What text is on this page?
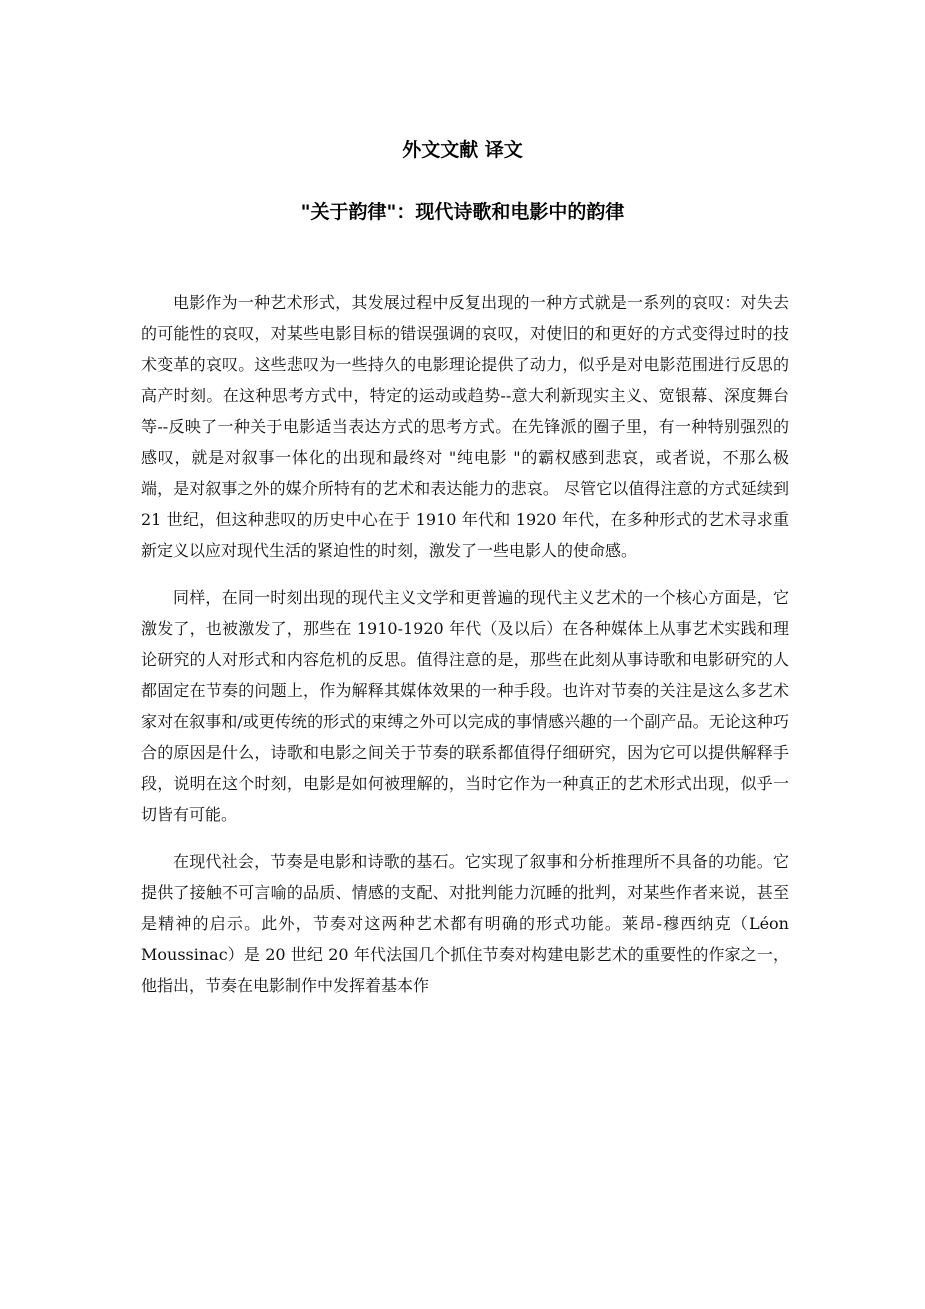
外文文献 译文
"关于韵律"：现代诗歌和电影中的韵律

电影作为一种艺术形式，其发展过程中反复出现的一种方式就是一系列的哀叹：对失去的可能性的哀叹，对某些电影目标的错误强调的哀叹，对使旧的和更好的方式变得过时的技术变革的哀叹。这些悲叹为一些持久的电影理论提供了动力，似乎是对电影范围进行反思的高产时刻。在这种思考方式中，特定的运动或趋势--意大利新现实主义、宽银幕、深度舞台等--反映了一种关于电影适当表达方式的思考方式。在先锋派的圈子里，有一种特别强烈的感叹，就是对叙事一体化的出现和最终对 "纯电影 "的霸权感到悲哀，或者说，不那么极端，是对叙事之外的媒介所特有的艺术和表达能力的悲哀。 尽管它以值得注意的方式延续到 21 世纪，但这种悲叹的历史中心在于 1910 年代和 1920 年代，在多种形式的艺术寻求重新定义以应对现代生活的紧迫性的时刻，激发了一些电影人的使命感。

同样，在同一时刻出现的现代主义文学和更普遍的现代主义艺术的一个核心方面是，它激发了，也被激发了，那些在 1910-1920 年代（及以后）在各种媒体上从事艺术实践和理论研究的人对形式和内容危机的反思。值得注意的是，那些在此刻从事诗歌和电影研究的人都固定在节奏的问题上，作为解释其媒体效果的一种手段。也许对节奏的关注是这么多艺术家对在叙事和/或更传统的形式的束缚之外可以完成的事情感兴趣的一个副产品。无论这种巧合的原因是什么，诗歌和电影之间关于节奏的联系都值得仔细研究，因为它可以提供解释手段，说明在这个时刻，电影是如何被理解的，当时它作为一种真正的艺术形式出现，似乎一切皆有可能。

在现代社会，节奏是电影和诗歌的基石。它实现了叙事和分析推理所不具备的功能。它提供了接触不可言喻的品质、情感的支配、对批判能力沉睡的批判，对某些作者来说，甚至是精神的启示。此外，节奏对这两种艺术都有明确的形式功能。莱昂-穆西纳克（Léon Moussinac）是 20 世纪 20 年代法国几个抓住节奏对构建电影艺术的重要性的作家之一，他指出，节奏在电影制作中发挥着基本作
